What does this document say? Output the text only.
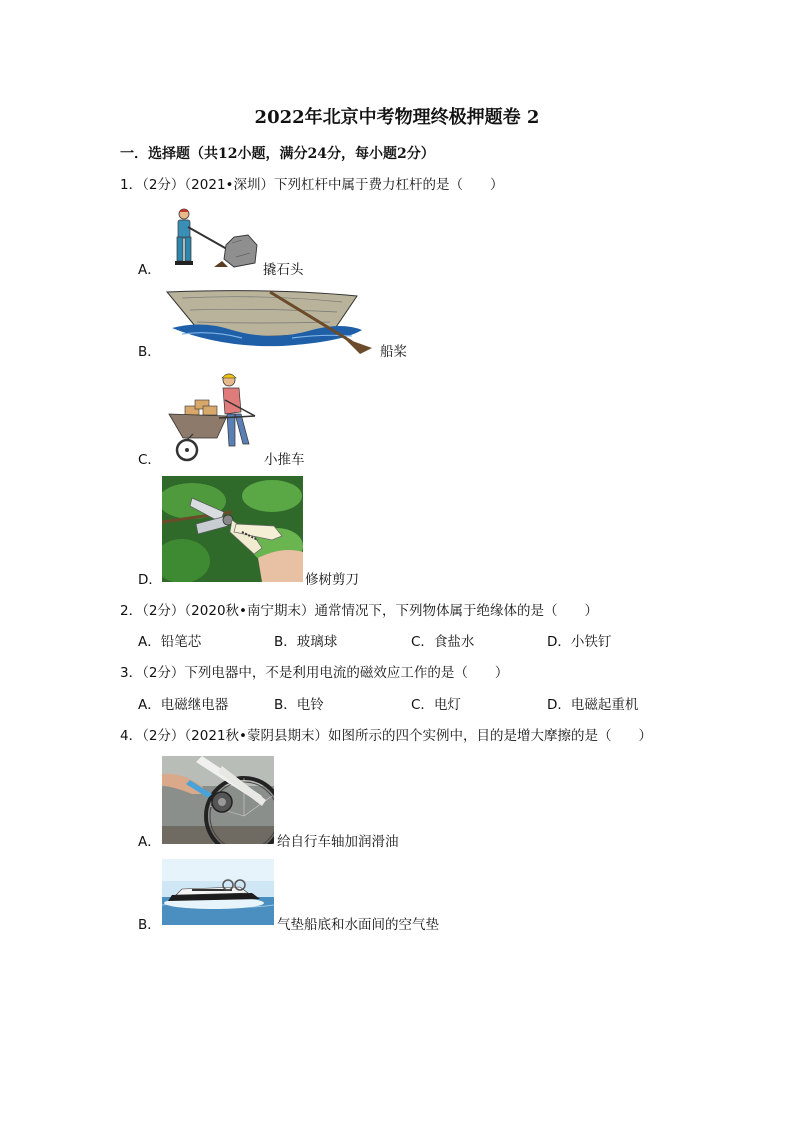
2022年北京中考物理终极押题卷 2
一．选择题（共12小题，满分24分，每小题2分）
1．（2分）（2021•深圳）下列杠杆中属于费力杠杆的是（　　）
A．	撬石头
B．	船桨
C．	小推车
D．	修树剪刀
2．（2分）（2020秋•南宁期末）通常情况下，下列物体属于绝缘体的是（　　）
A．铅笔芯	B．玻璃球	C．食盐水	D．小铁钉
3．（2分）下列电器中，不是利用电流的磁效应工作的是（　　）
A．电磁继电器	B．电铃	C．电灯	D．电磁起重机
4．（2分）（2021秋•蒙阴县期末）如图所示的四个实例中，目的是增大摩擦的是（　　）
A．	给自行车轴加润滑油
B．	气垫船底和水面间的空气垫
